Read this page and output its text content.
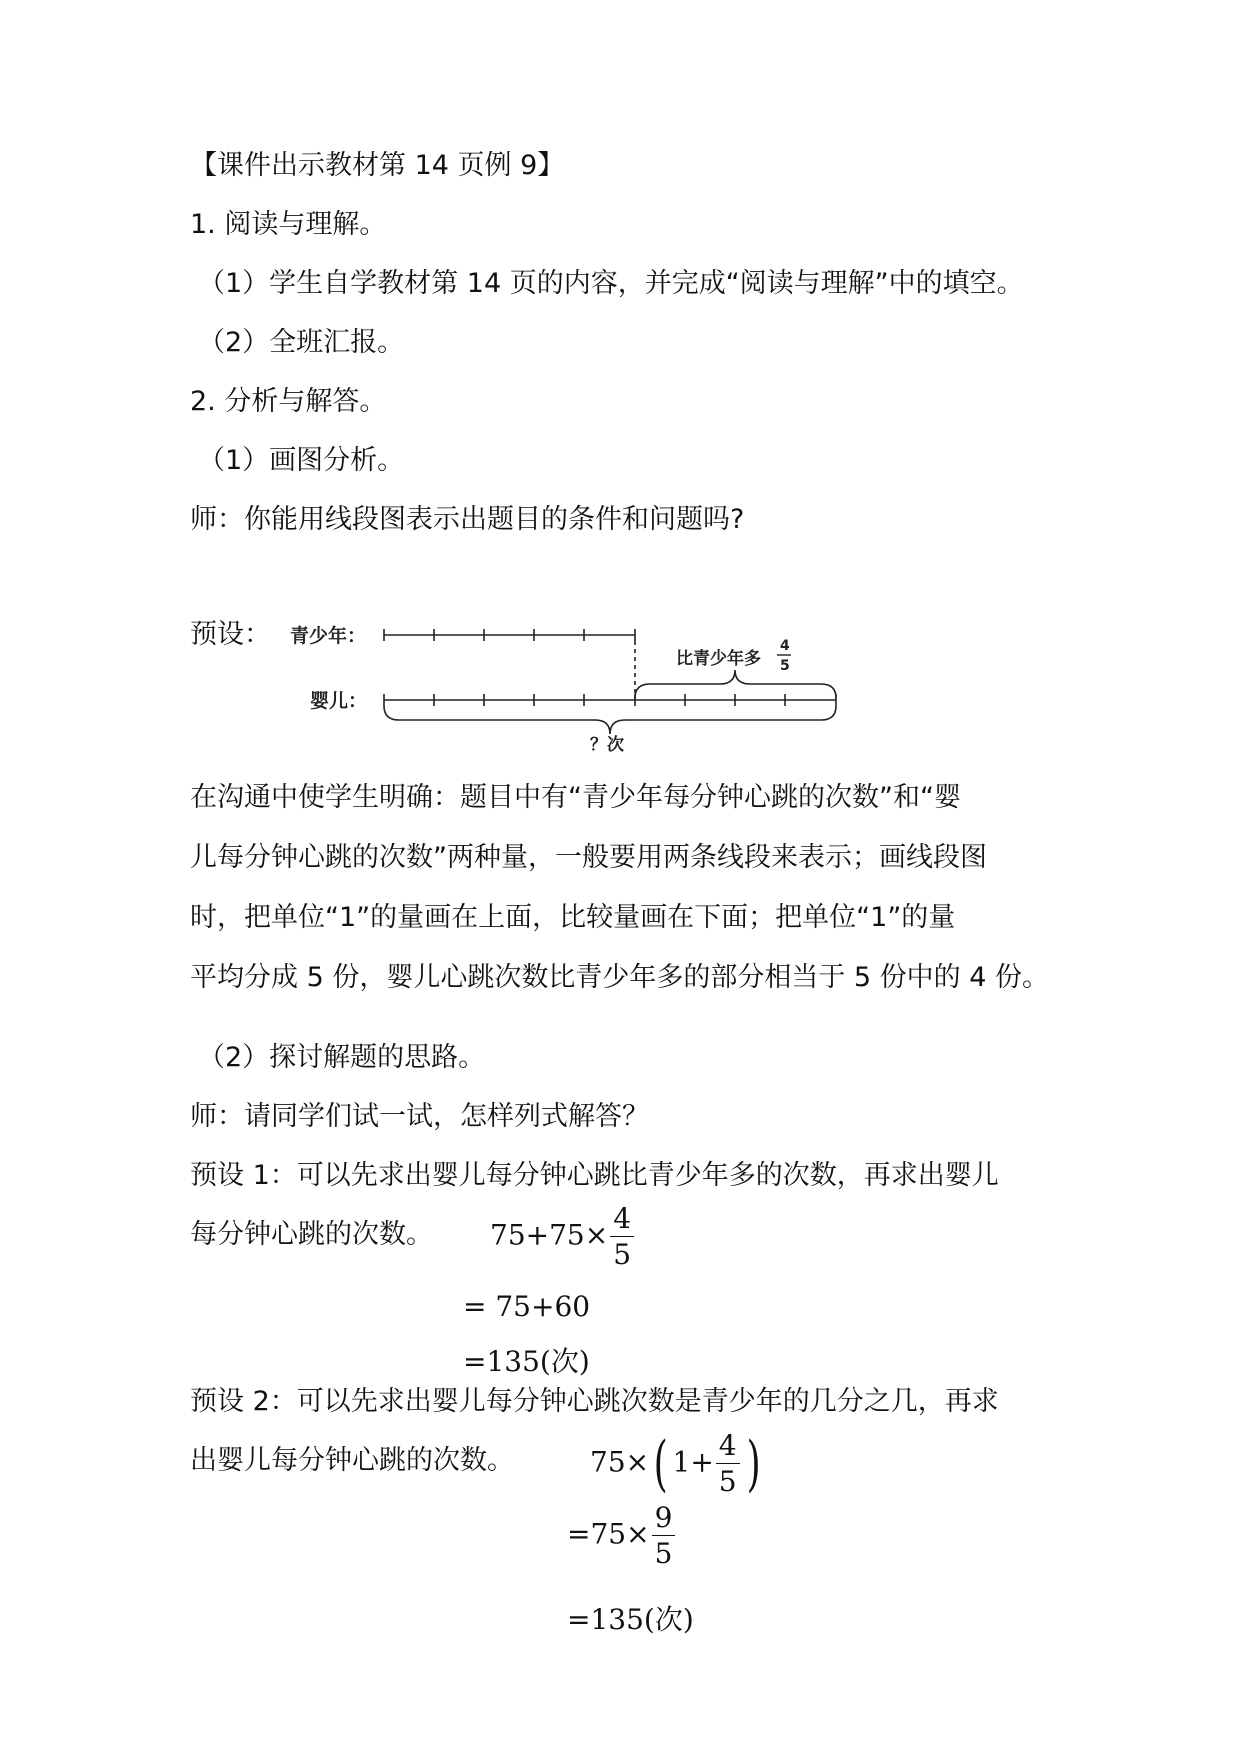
【课件出示教材第 14 页例 9】
1. 阅读与理解。
（1）学生自学教材第 14 页的内容，并完成“阅读与理解”中的填空。
（2）全班汇报。
2. 分析与解答。
（1）画图分析。
师：你能用线段图表示出题目的条件和问题吗?
预设： 青少年：
婴儿：
比青少年多
4
5
？次

在沟通中使学生明确：题目中有“青少年每分钟心跳的次数”和“婴

儿每分钟心跳的次数”两种量，一般要用两条线段来表示；画线段图

时，把单位“1”的量画在上面，比较量画在下面；把单位“1”的量

平均分成 5 份，婴儿心跳次数比青少年多的部分相当于 5 份中的 4 份。

（2）探讨解题的思路。
师：请同学们试一试，怎样列式解答？
预设 1：可以先求出婴儿每分钟心跳比青少年多的次数，再求出婴儿
每分钟心跳的次数。 $75+75\times \frac{4}{5}$
= 75+60
=135(次)
预设 2：可以先求出婴儿每分钟心跳次数是青少年的几分之几，再求
出婴儿每分钟心跳的次数。	75×( $1+ \frac{4}{5}$ )
$=75\times \frac{9}{5}$
=135(次)
